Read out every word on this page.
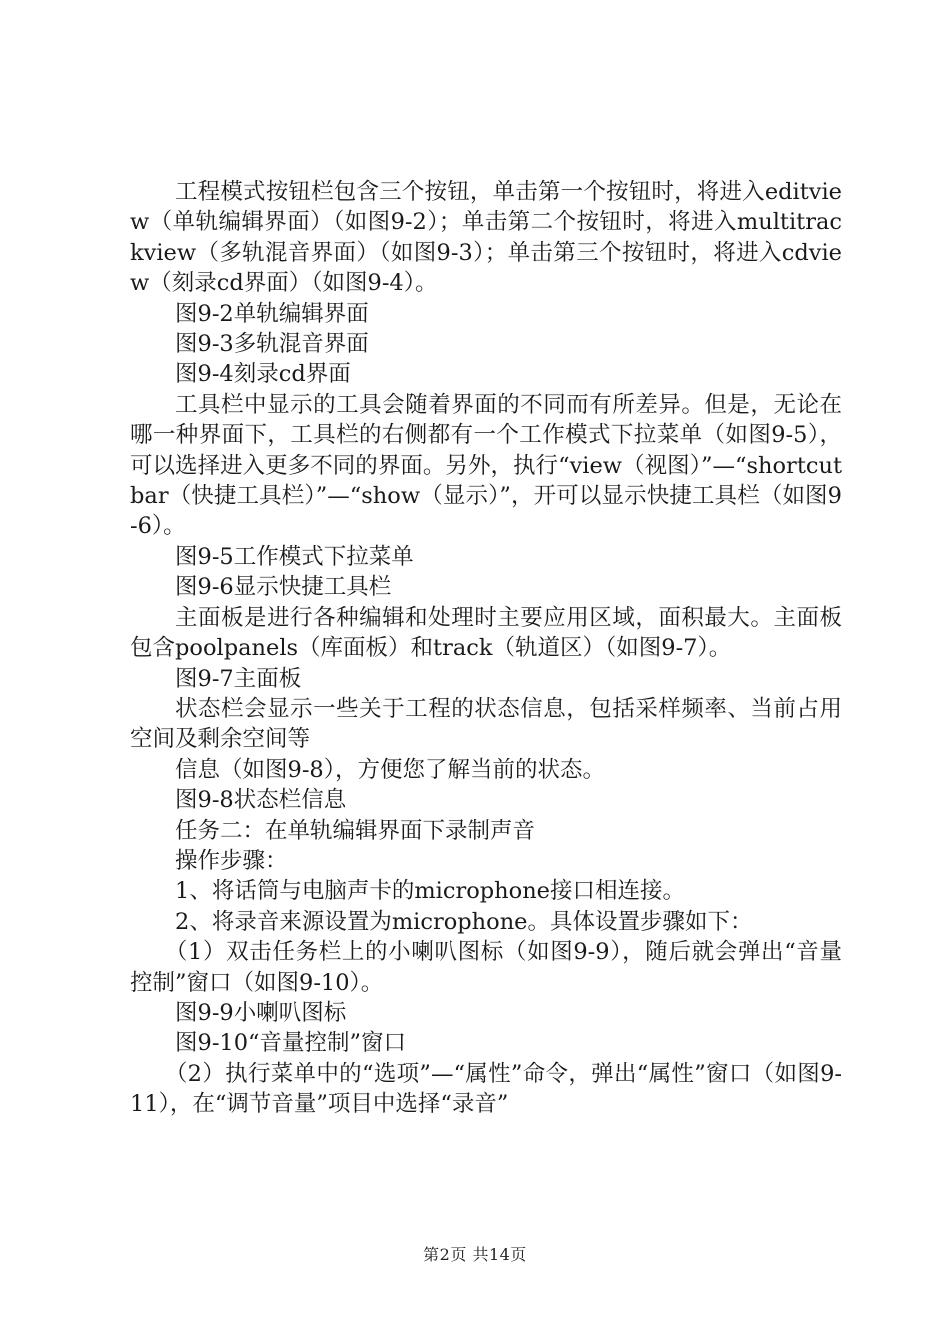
工程模式按钮栏包含三个按钮，单击第一个按钮时，将进入editview（单轨编辑界面）（如图9-2）；单击第二个按钮时，将进入multitrackview（多轨混音界面）（如图9-3）；单击第三个按钮时，将进入cdview（刻录cd界面）（如图9-4）。

图9-2单轨编辑界面

图9-3多轨混音界面

图9-4刻录cd界面

工具栏中显示的工具会随着界面的不同而有所差异。但是，无论在哪一种界面下，工具栏的右侧都有一个工作模式下拉菜单（如图9-5），可以选择进入更多不同的界面。另外，执行“view（视图）”—“shortcutbar（快捷工具栏）”—“show（显示）”，开可以显示快捷工具栏（如图9-6）。

图9-5工作模式下拉菜单

图9-6显示快捷工具栏

主面板是进行各种编辑和处理时主要应用区域，面积最大。主面板包含poolpanels（库面板）和track（轨道区）（如图9-7）。

图9-7主面板

状态栏会显示一些关于工程的状态信息，包括采样频率、当前占用空间及剩余空间等

信息（如图9-8），方便您了解当前的状态。

图9-8状态栏信息

任务二：在单轨编辑界面下录制声音

操作步骤：

1、将话筒与电脑声卡的microphone接口相连接。

2、将录音来源设置为microphone。具体设置步骤如下：

（1）双击任务栏上的小喇叭图标（如图9-9），随后就会弹出“音量控制”窗口（如图9-10）。

图9-9小喇叭图标

图9-10“音量控制”窗口

（2）执行菜单中的“选项”—“属性”命令，弹出“属性”窗口（如图9-11），在“调节音量”项目中选择“录音”

第2页 共14页
